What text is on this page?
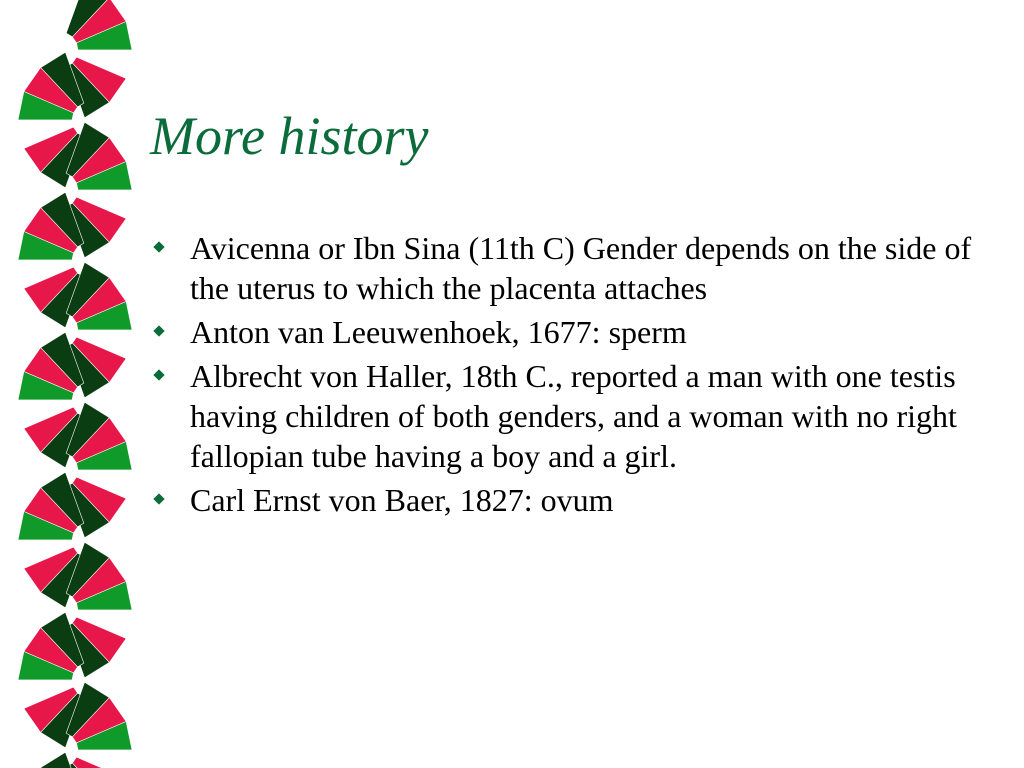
More history
Avicenna or Ibn Sina (11th C) Gender depends on the side of the uterus to which the placenta attaches
Anton van Leeuwenhoek, 1677: sperm
Albrecht von Haller, 18th C., reported a man with one testis having children of both genders, and a woman with no right fallopian tube having a boy and a girl.
Carl Ernst von Baer, 1827: ovum
